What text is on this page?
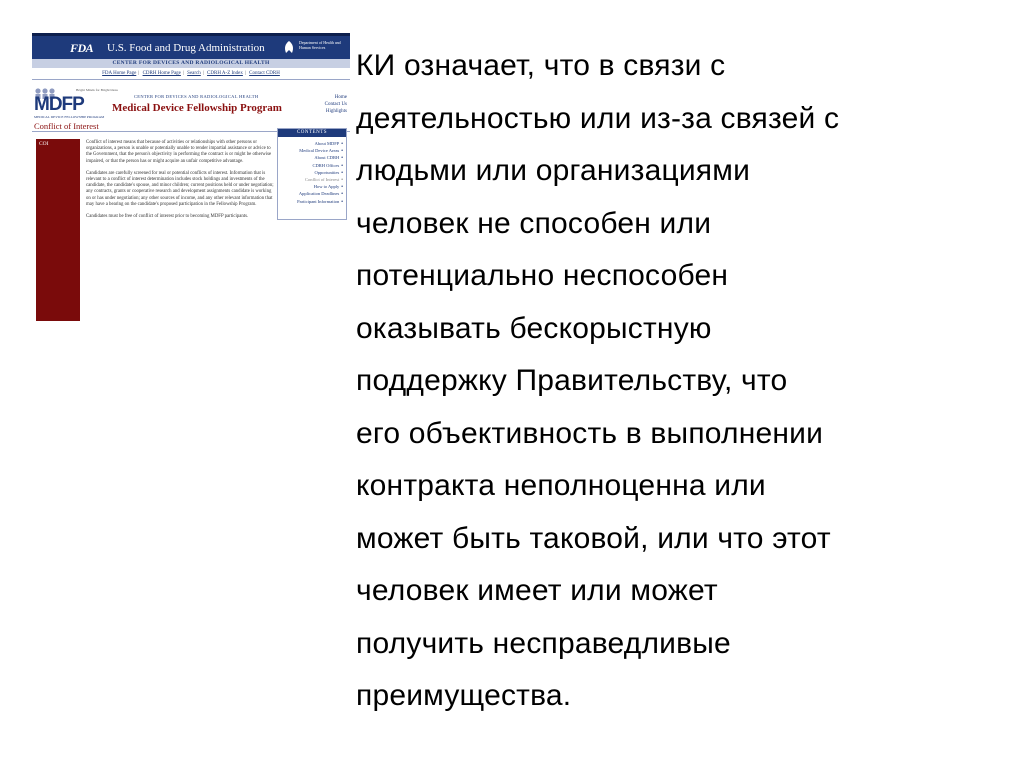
FDA U.S. Food and Drug Administration	Department of Health and Human Services
CENTER FOR DEVICES AND RADIOLOGICAL HEALTH
FDA Home Page | CDRH Home Page | Search | CDRH A-Z Index | Contact CDRH
Bright Minds for Bright Ideas
MDFP
MEDICAL DEVICE FELLOWSHIP PROGRAM
CENTER FOR DEVICES AND RADIOLOGICAL HEALTH
Medical Device Fellowship Program
Home
Contact Us
Highlights
Conflict of Interest
COI	Conflict of interest means that because of activities or relationships with other persons or organizations, a person is unable or potentially unable to render impartial assistance or advice to the Government, that the person's objectivity in performing the contract is or might be otherwise impaired, or that the person has or might acquire an unfair competitive advantage.

Candidates are carefully screened for real or potential conflicts of interest. Information that is relevant to a conflict of interest determination includes stock holdings and investments of the candidate, the candidate's spouse, and minor children; current positions held or under negotiation; any contracts, grants or cooperative research and development assignments candidate is working on or has under negotiation; any other sources of income, and any other relevant information that may have a bearing on the candidate's proposed participation in the Fellowship Program.

Candidates must be free of conflict of interest prior to becoming MDFP participants.

CONTENTS
About MDFP •
Medical Device Areas •
About CDRH •
CDRH Offices •
Opportunities •
Conflict of Interest •
How to Apply •
Application Deadlines •
Participant Information •
КИ означает, что в связи с
деятельностью или из-за связей с
людьми или организациями
человек не способен или
потенциально неспособен
оказывать бескорыстную
поддержку Правительству, что
его объективность в выполнении
контракта неполноценна или
может быть таковой, или что этот
человек имеет или может
получить несправедливые
преимущества.
